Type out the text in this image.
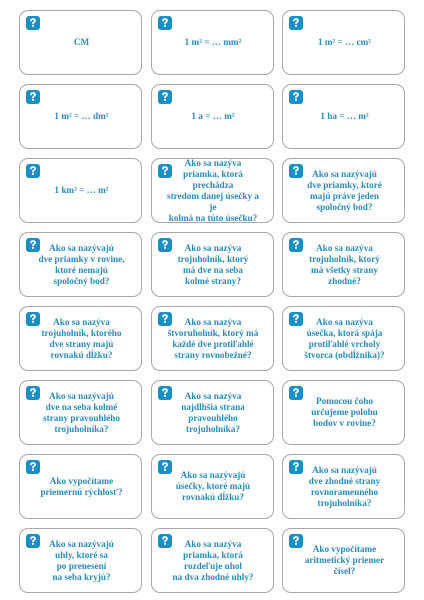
CM	1 m² = … mm²	1 m² = … cm²
1 m² = … dm²	1 a = … m²	1 ha = … m²
1 km² = … m²
Ako sa nazýva
priamka, ktorá prechádza
stredom danej úsečky a je
kolmá na túto úsečku?
Ako sa nazývajú
dve priamky, ktoré
majú práve jeden
spoločný bod?
Ako sa nazývajú
dve priamky v rovine,
ktoré nemajú
spoločný bod?
Ako sa nazýva
trojuholník, ktorý
má dve na seba
kolmé strany?
Ako sa nazýva
trojuholník, ktorý
má všetky strany
zhodné?
Ako sa nazýva
trojuholník, ktorého
dve strany majú
rovnakú dĺžku?
Ako sa nazýva
štvoruholník, ktorý má
každé dve protiľahlé
strany rovnobežné?
Ako sa nazýva
úsečka, ktorá spája
protiľahlé vrcholy
štvorca (obdĺžnika)?
Ako sa nazývajú
dve na seba kolmé
strany pravouhlého
trojuholníka?
Ako sa nazýva
najdlhšia strana
pravouhlého
trojuholníka?
Pomocou čoho
určujeme polohu
bodov v rovine?
Ako vypočítame
priemernú rýchlosť?
Ako sa nazývajú
úsečky, ktoré majú
rovnakú dĺžku?
Ako sa nazývajú
dve zhodné strany
rovnoramenného
trojuholníka?
Ako sa nazývajú
uhly, ktoré sa
po prenesení
na seba kryjú?
Ako sa nazýva
priamka, ktorá
rozdeľuje uhol
na dva zhodné uhly?
Ako vypočítame
aritmetický priemer
čísel?
